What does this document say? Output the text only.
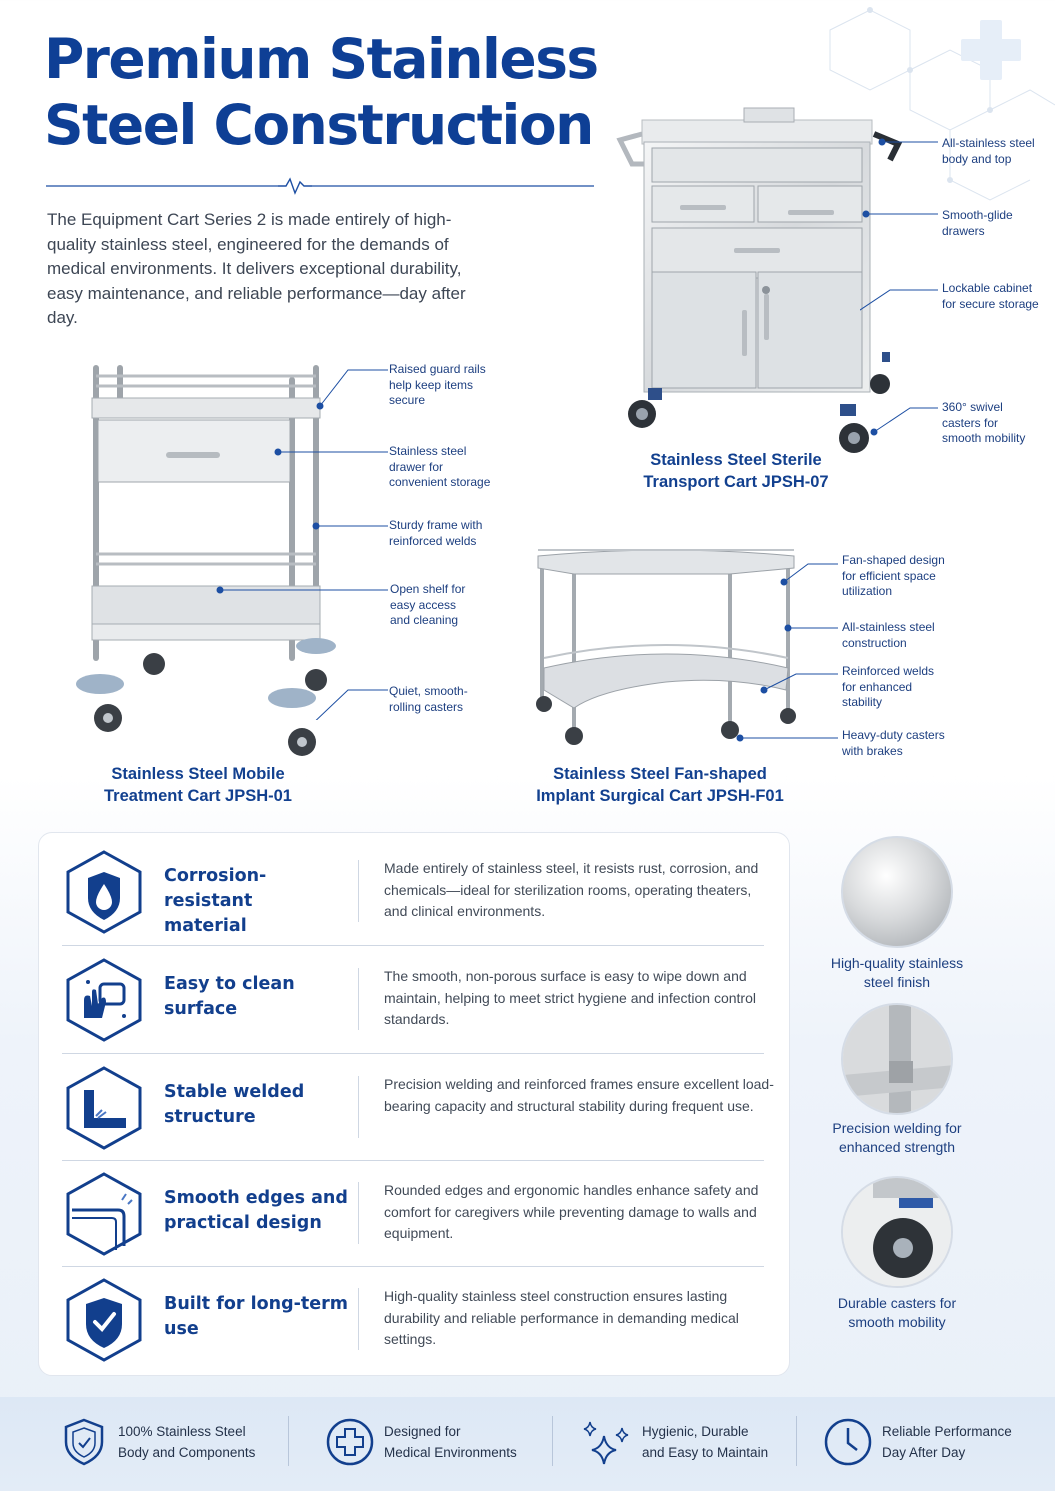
Premium Stainless Steel Construction
The Equipment Cart Series 2 is made entirely of high-quality stainless steel, engineered for the demands of medical environments. It delivers exceptional durability, easy maintenance, and reliable performance—day after day.
All-stainless steel
body and top
Smooth-glide
drawers
Lockable cabinet
for secure storage
360° swivel
casters for
smooth mobility
Stainless Steel Sterile
Transport Cart JPSH-07
Raised guard rails
help keep items
secure
Stainless steel
drawer for
convenient storage
Sturdy frame with
reinforced welds
Open shelf for
easy access
and cleaning
Quiet, smooth-
rolling casters
Stainless Steel Mobile
Treatment Cart JPSH-01
Fan-shaped design
for efficient space
utilization
All-stainless steel
construction
Reinforced welds
for enhanced
stability
Heavy-duty casters
with brakes
Stainless Steel Fan-shaped
Implant Surgical Cart JPSH-F01
Corrosion-resistant
material
Made entirely of stainless steel, it resists rust, corrosion, and chemicals—ideal for sterilization rooms, operating theaters, and clinical environments.
Easy to clean
surface
The smooth, non-porous surface is easy to wipe down and maintain, helping to meet strict hygiene and infection control standards.
Stable welded
structure
Precision welding and reinforced frames ensure excellent load-bearing capacity and structural stability during frequent use.
Smooth edges and
practical design
Rounded edges and ergonomic handles enhance safety and comfort for caregivers while preventing damage to walls and equipment.
Built for long-term
use
High-quality stainless steel construction ensures lasting durability and reliable performance in demanding medical settings.
High-quality stainless
steel finish
Precision welding for
enhanced strength
Durable casters for
smooth mobility
100% Stainless Steel
Body and Components
Designed for
Medical Environments
Hygienic, Durable
and Easy to Maintain
Reliable Performance
Day After Day
